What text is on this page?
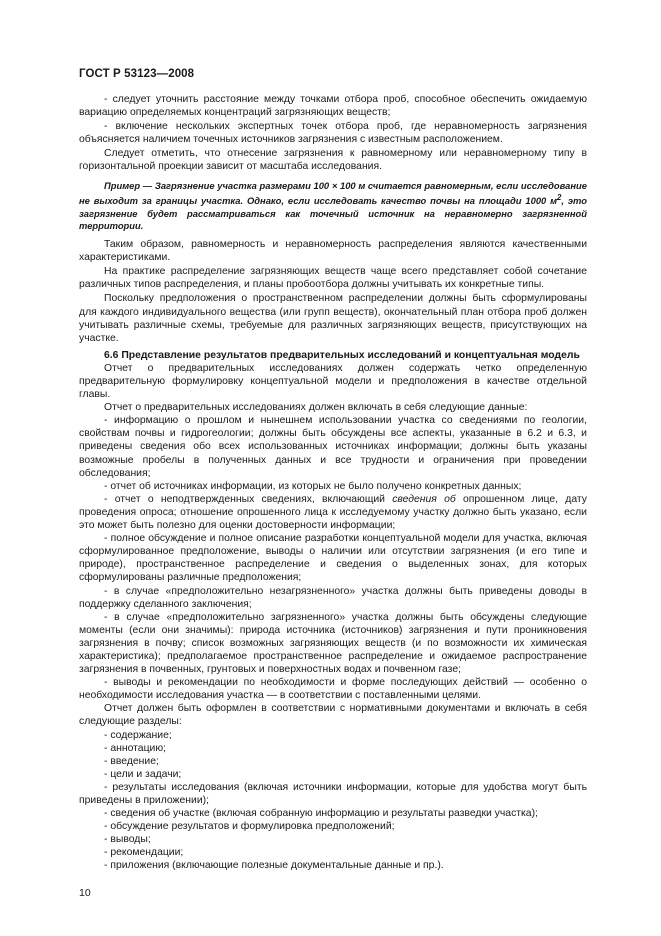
ГОСТ Р 53123—2008

- следует уточнить расстояние между точками отбора проб, способное обеспечить ожидаемую вариацию определяемых концентраций загрязняющих веществ;

- включение нескольких экспертных точек отбора проб, где неравномерность загрязнения объясняется наличием точечных источников загрязнения с известным расположением.

Следует отметить, что отнесение загрязнения к равномерному или неравномерному типу в горизонтальной проекции зависит от масштаба исследования.

Пример — Загрязнение участка размерами 100 × 100 м считается равномерным, если исследование не выходит за границы участка. Однако, если исследовать качество почвы на площади 1000 $м^2$, это загрязнение будет рассматриваться как точечный источник на неравномерно загрязненной территории.

Таким образом, равномерность и неравномерность распределения являются качественными характеристиками.

На практике распределение загрязняющих веществ чаще всего представляет собой сочетание различных типов распределения, и планы пробоотбора должны учитывать их конкретные типы.

Поскольку предположения о пространственном распределении должны быть сформулированы для каждого индивидуального вещества (или групп веществ), окончательный план отбора проб должен учитывать различные схемы, требуемые для различных загрязняющих веществ, присутствующих на участке.

6.6 Представление результатов предварительных исследований и концептуальная модель

Отчет о предварительных исследованиях должен содержать четко определенную предварительную формулировку концептуальной модели и предположения в качестве отдельной главы.

Отчет о предварительных исследованиях должен включать в себя следующие данные:

- информацию о прошлом и нынешнем использовании участка со сведениями по геологии, свойствам почвы и гидрогеологии; должны быть обсуждены все аспекты, указанные в 6.2 и 6.3, и приведены сведения обо всех использованных источниках информации; должны быть указаны возможные пробелы в полученных данных и все трудности и ограничения при проведении обследования;

- отчет об источниках информации, из которых не было получено конкретных данных;

- отчет о неподтвержденных сведениях, включающий сведения об опрошенном лице, дату проведения опроса; отношение опрошенного лица к исследуемому участку должно быть указано, если это может быть полезно для оценки достоверности информации;

- полное обсуждение и полное описание разработки концептуальной модели для участка, включая сформулированное предположение, выводы о наличии или отсутствии загрязнения (и его типе и природе), пространственное распределение и сведения о выделенных зонах, для которых сформулированы различные предположения;

- в случае «предположительно незагрязненного» участка должны быть приведены доводы в поддержку сделанного заключения;

- в случае «предположительно загрязненного» участка должны быть обсуждены следующие моменты (если они значимы): природа источника (источников) загрязнения и пути проникновения загрязнения в почву; список возможных загрязняющих веществ (и по возможности их химическая характеристика); предполагаемое пространственное распределение и ожидаемое распространение загрязнения в почвенных, грунтовых и поверхностных водах и почвенном газе;

- выводы и рекомендации по необходимости и форме последующих действий — особенно о необходимости исследования участка — в соответствии с поставленными целями.

Отчет должен быть оформлен в соответствии с нормативными документами и включать в себя следующие разделы:

- содержание;

- аннотацию;

- введение;

- цели и задачи;

- результаты исследования (включая источники информации, которые для удобства могут быть приведены в приложении);

- сведения об участке (включая собранную информацию и результаты разведки участка);

- обсуждение результатов и формулировка предположений;

- выводы;

- рекомендации;

- приложения (включающие полезные документальные данные и пр.).

10
